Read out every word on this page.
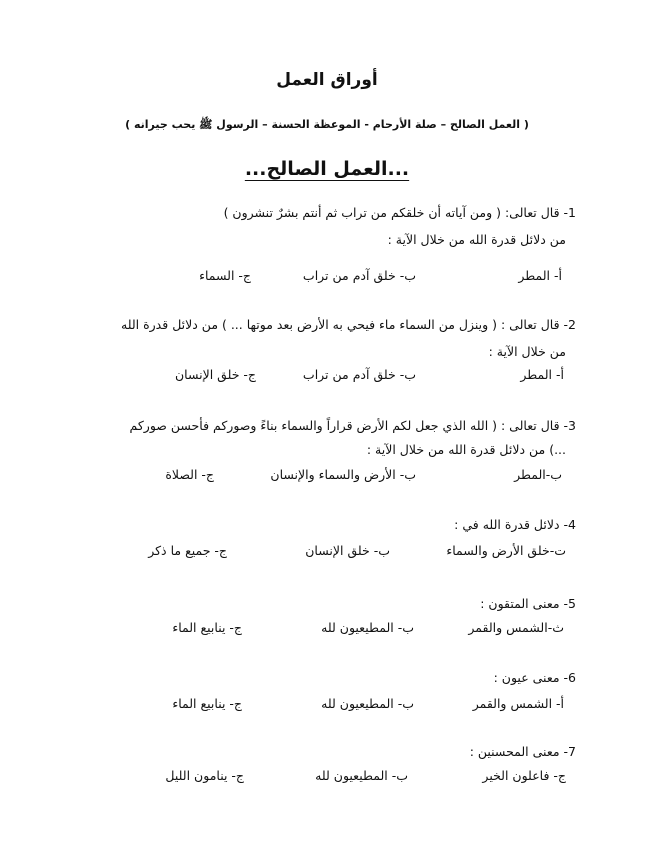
أوراق العمل
( العمل الصالح – صلة الأرحام - الموعظة الحسنة – الرسول ﷺ يحب جيرانه )
...العمل الصالح...
1- قال تعالى: ( ومن آياته أن خلقكم من تراب ثم أنتم بشرٌ تنشرون )
من دلائل قدرة الله من خلال الآية :
أ- المطر
ب- خلق آدم من تراب
ج- السماء
2- قال تعالى : ( وينزل من السماء ماء فيحي به الأرض بعد موتها ... ) من دلائل قدرة الله
من خلال الآية :
أ- المطر
ب- خلق آدم من تراب
ج- خلق الإنسان
3- قال تعالى : ( الله الذي جعل لكم الأرض قراراً والسماء بناءً وصوركم فأحسن صوركم
...) من دلائل قدرة الله من خلال الآية :
ب-المطر
ب- الأرض والسماء والإنسان
ج- الصلاة
4- دلائل قدرة الله في :
ت-خلق الأرض والسماء
ب- خلق الإنسان
ج- جميع ما ذكر
5- معنى المتقون :
ث-الشمس والقمر
ب- المطيعيون لله
ج- ينابيع الماء
6- معنى عيون :
أ- الشمس والقمر
ب- المطيعيون لله
ج- ينابيع الماء
7- معنى المحسنين :
ج- فاعلون الخير
ب- المطيعيون لله
ج- ينامون الليل
